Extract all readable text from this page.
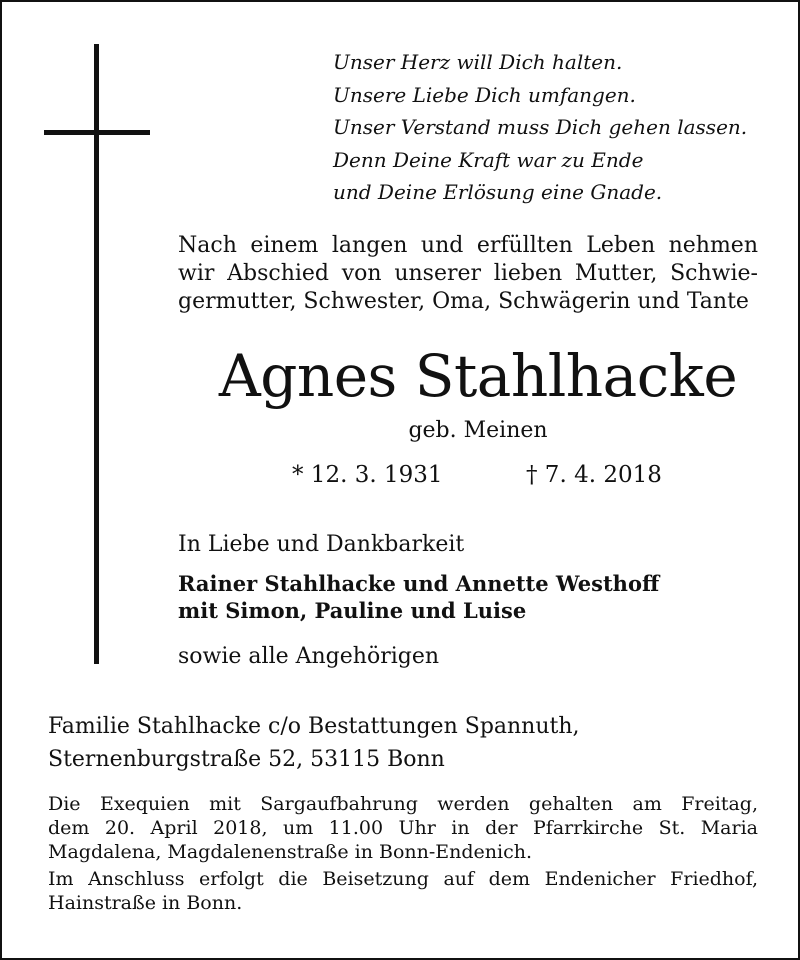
Unser Herz will Dich halten.
Unsere Liebe Dich umfangen.
Unser Verstand muss Dich gehen lassen.
Denn Deine Kraft war zu Ende
und Deine Erlösung eine Gnade.
Nach einem langen und erfüllten Leben nehmen
wir Abschied von unserer lieben Mutter, Schwie-
germutter, Schwester, Oma, Schwägerin und Tante
Agnes Stahlhacke
geb. Meinen
* 12. 3. 1931	† 7. 4. 2018
In Liebe und Dankbarkeit
Rainer Stahlhacke und Annette Westhoff
mit Simon, Pauline und Luise
sowie alle Angehörigen
Familie Stahlhacke c/o Bestattungen Spannuth,
Sternenburgstraße 52, 53115 Bonn
Die Exequien mit Sargaufbahrung werden gehalten am Freitag,
dem 20. April 2018, um 11.00 Uhr in der Pfarrkirche St. Maria
Magdalena, Magdalenenstraße in Bonn-Endenich.
Im Anschluss erfolgt die Beisetzung auf dem Endenicher Friedhof,
Hainstraße in Bonn.
